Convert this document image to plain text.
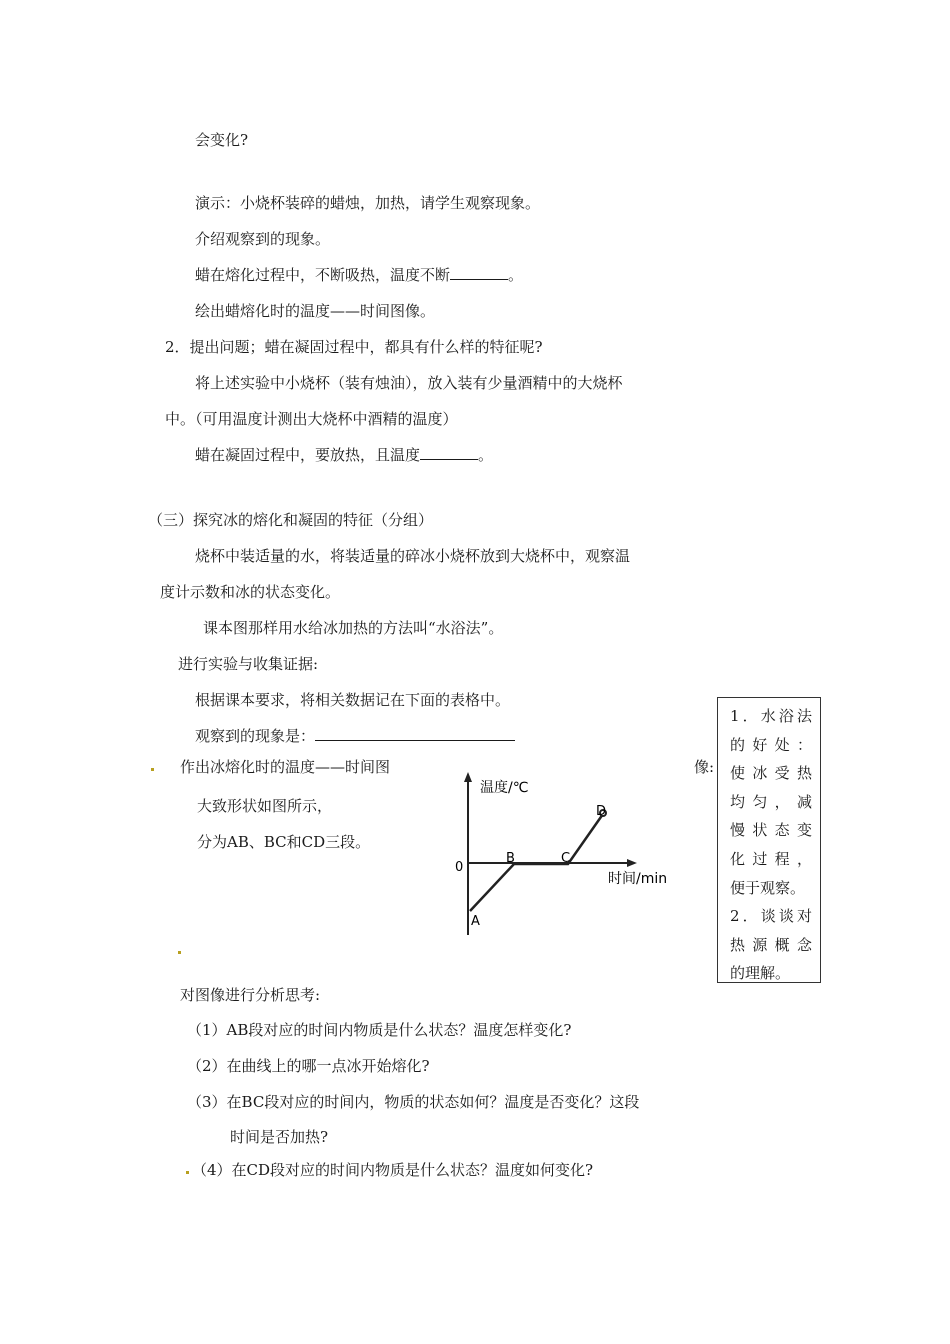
会变化?
演示：小烧杯装碎的蜡烛，加热，请学生观察现象。
介绍观察到的现象。
蜡在熔化过程中，不断吸热，温度不断	。
绘出蜡熔化时的温度——时间图像。
2．提出问题；蜡在凝固过程中，都具有什么样的特征呢?
将上述实验中小烧杯（装有烛油），放入装有少量酒精中的大烧杯
中。（可用温度计测出大烧杯中酒精的温度）
蜡在凝固过程中，要放热，且温度	。
（三）探究冰的熔化和凝固的特征（分组）
烧杯中装适量的水，将装适量的碎冰小烧杯放到大烧杯中，观察温
度计示数和冰的状态变化。
课本图那样用水给冰加热的方法叫“水浴法”。
进行实验与收集证据:
根据课本要求，将相关数据记在下面的表格中。
观察到的现象是：
作出冰熔化时的温度——时间图	像:
大致形状如图所示，
分为AB、BC和CD三段。
温度/℃
时间/min
0
A
B	C
D
1．水浴法
的好处：
使冰受热
均匀，减
慢状态变
化过程，
便于观察。
2．谈谈对
热源概念
的理解。
对图像进行分析思考:
（1）AB段对应的时间内物质是什么状态？温度怎样变化?
（2）在曲线上的哪一点冰开始熔化?
（3）在BC段对应的时间内，物质的状态如何？温度是否变化？这段
时间是否加热?
（4）在CD段对应的时间内物质是什么状态？温度如何变化?
